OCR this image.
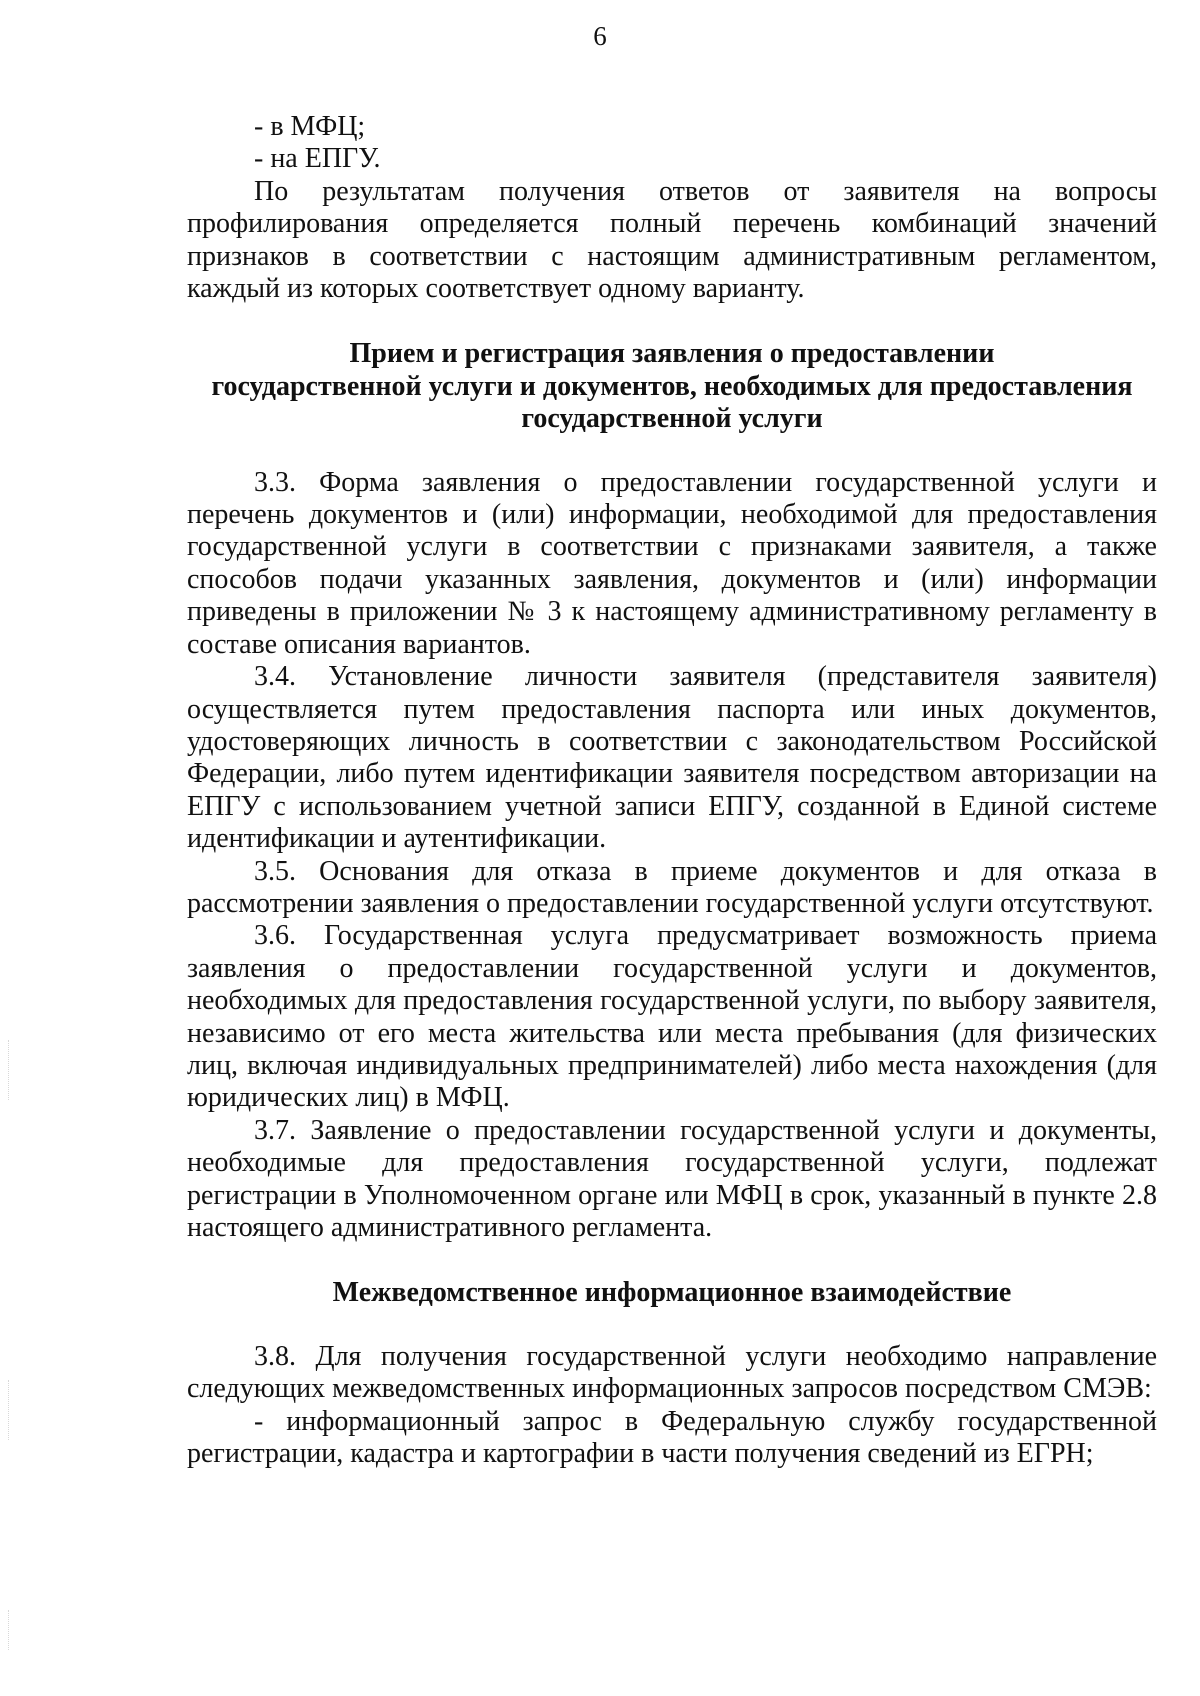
6

- в МФЦ;

- на ЕПГУ.

По результатам получения ответов от заявителя на вопросы профилирования определяется полный перечень комбинаций значений признаков в соответствии с настоящим административным регламентом, каждый из которых соответствует одному варианту.

Прием и регистрация заявления о предоставлении
государственной услуги и документов, необходимых для предоставления
государственной услуги

3.3. Форма заявления о предоставлении государственной услуги и перечень документов и (или) информации, необходимой для предоставления государственной услуги в соответствии с признаками заявителя, а также способов подачи указанных заявления, документов и (или) информации приведены в приложении № 3 к настоящему административному регламенту в составе описания вариантов.

3.4. Установление личности заявителя (представителя заявителя) осуществляется путем предоставления паспорта или иных документов, удостоверяющих личность в соответствии с законодательством Российской Федерации, либо путем идентификации заявителя посредством авторизации на ЕПГУ с использованием учетной записи ЕПГУ, созданной в Единой системе идентификации и аутентификации.

3.5. Основания для отказа в приеме документов и для отказа в рассмотрении заявления о предоставлении государственной услуги отсутствуют.

3.6. Государственная услуга предусматривает возможность приема заявления о предоставлении государственной услуги и документов, необходимых для предоставления государственной услуги, по выбору заявителя, независимо от его места жительства или места пребывания (для физических лиц, включая индивидуальных предпринимателей) либо места нахождения (для юридических лиц) в МФЦ.

3.7. Заявление о предоставлении государственной услуги и документы, необходимые для предоставления государственной услуги, подлежат регистрации в Уполномоченном органе или МФЦ в срок, указанный в пункте 2.8 настоящего административного регламента.

Межведомственное информационное взаимодействие

3.8. Для получения государственной услуги необходимо направление следующих межведомственных информационных запросов посредством СМЭВ:

- информационный запрос в Федеральную службу государственной регистрации, кадастра и картографии в части получения сведений из ЕГРН;
